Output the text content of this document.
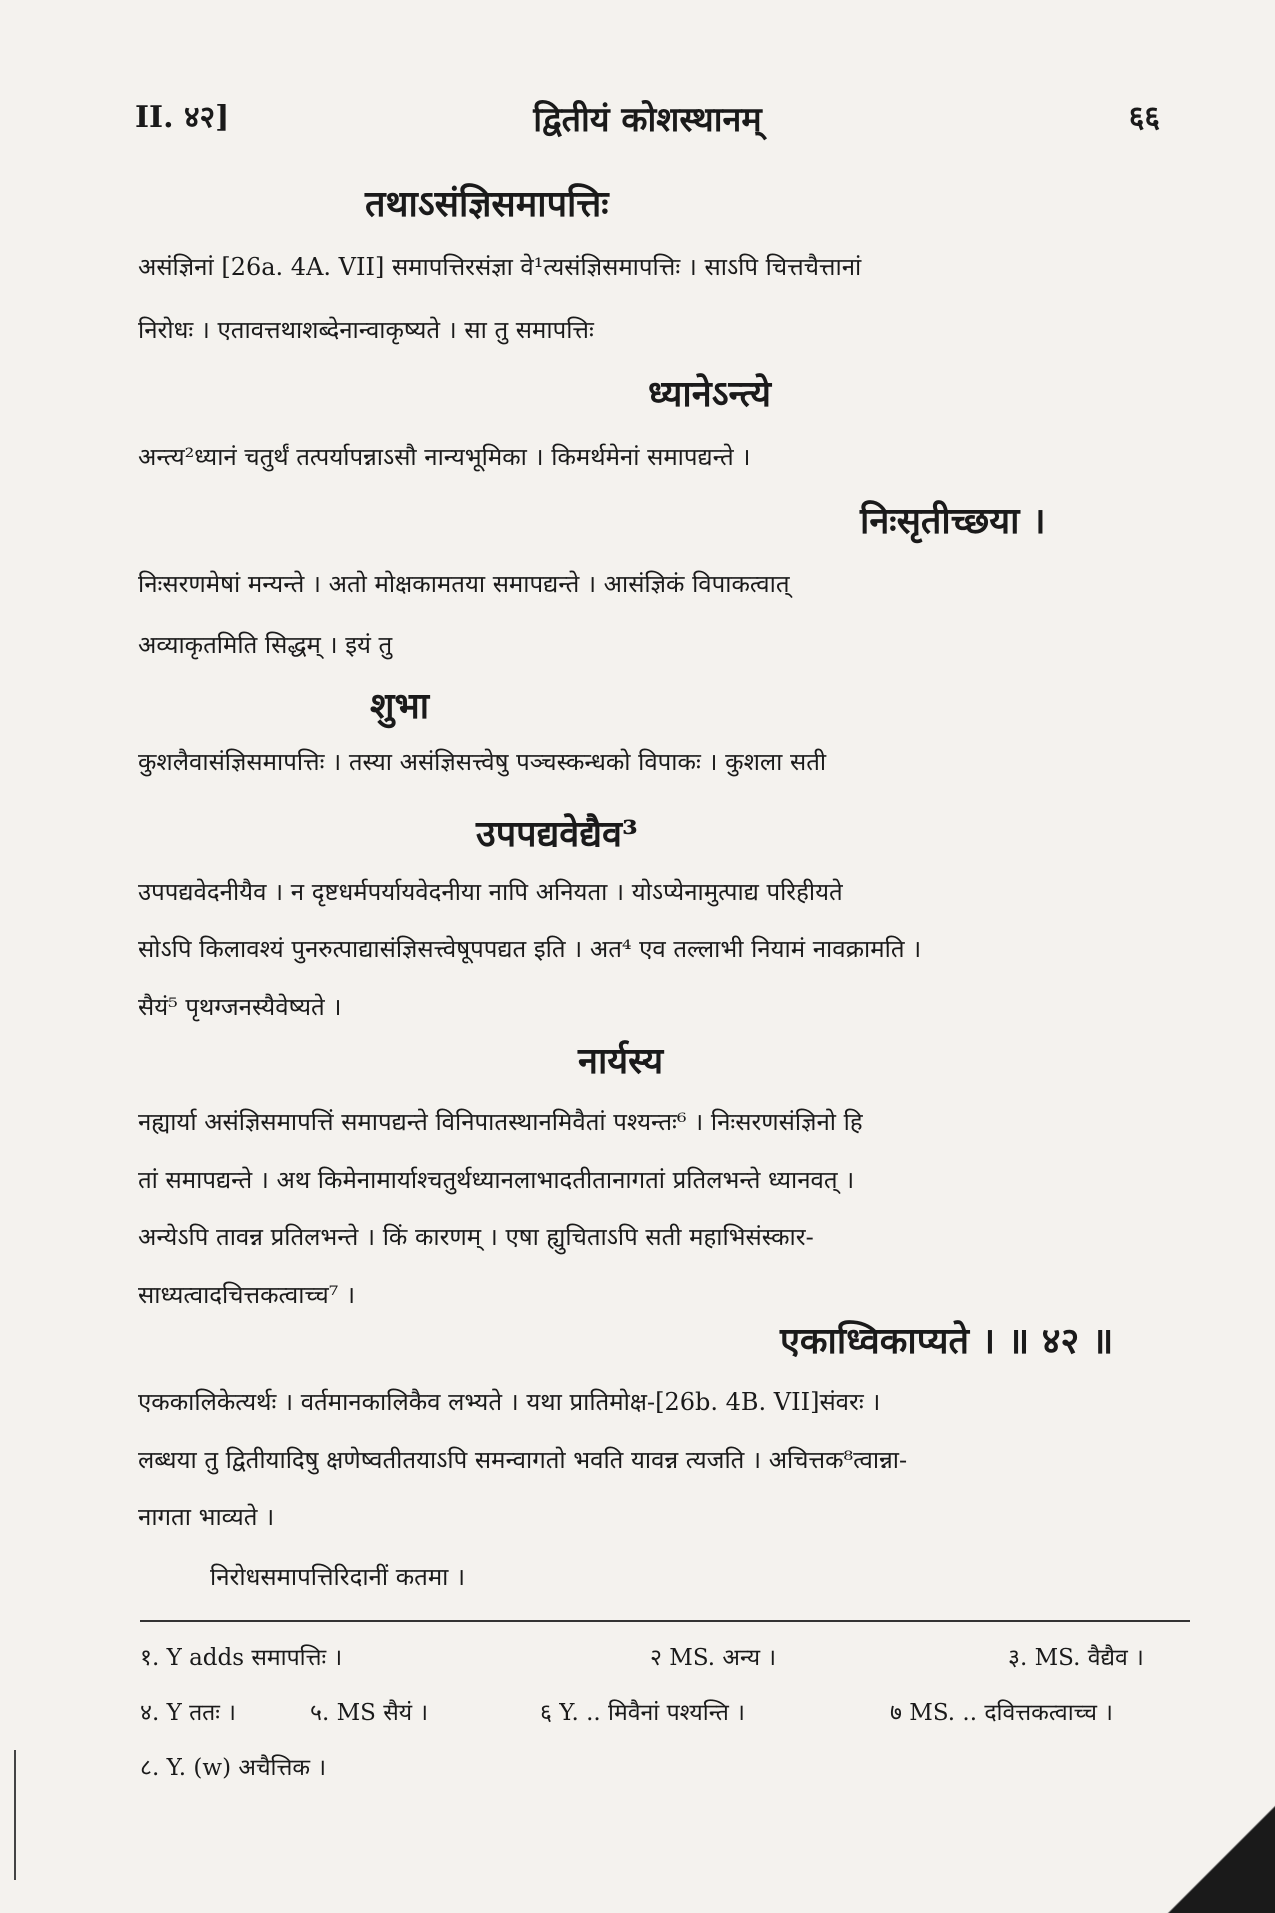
II. ४२]	द्वितीयं कोशस्थानम्	६६
तथाऽसंज्ञिसमापत्तिः
असंज्ञिनां [26a. 4A. VII] समापत्तिरसंज्ञा वे¹त्यसंज्ञिसमापत्तिः । साऽपि चित्तचैत्तानां
निरोधः । एतावत्तथाशब्देनान्वाकृष्यते । सा तु समापत्तिः
ध्यानेऽन्त्ये
अन्त्य²ध्यानं चतुर्थं तत्पर्यापन्नाऽसौ नान्यभूमिका । किमर्थमेनां समापद्यन्ते ।
निःसृतीच्छया ।
निःसरणमेषां मन्यन्ते । अतो मोक्षकामतया समापद्यन्ते । आसंज्ञिकं विपाकत्वात्
अव्याकृतमिति सिद्धम् । इयं तु
शुभा
कुशलैवासंज्ञिसमापत्तिः । तस्या असंज्ञिसत्त्वेषु पञ्चस्कन्धको विपाकः । कुशला सती
उपपद्यवेद्यैव³
उपपद्यवेदनीयैव । न दृष्टधर्मपर्यायवेदनीया नापि अनियता । योऽप्येनामुत्पाद्य परिहीयते
सोऽपि किलावश्यं पुनरुत्पाद्यासंज्ञिसत्त्वेषूपपद्यत इति । अत⁴ एव तल्लाभी नियामं नावक्रामति ।
सैयं⁵ पृथग्जनस्यैवेष्यते ।
नार्यस्य
नह्यार्या असंज्ञिसमापत्तिं समापद्यन्ते विनिपातस्थानमिवैतां पश्यन्तः⁶ । निःसरणसंज्ञिनो हि
तां समापद्यन्ते । अथ किमेनामार्याश्चतुर्थध्यानलाभादतीतानागतां प्रतिलभन्ते ध्यानवत् ।
अन्येऽपि तावन्न प्रतिलभन्ते । किं कारणम् । एषा ह्युचिताऽपि सती महाभिसंस्कार-
साध्यत्वादचित्तकत्वाच्च⁷ ।
एकाध्विकाप्यते । ॥ ४२ ॥
एककालिकेत्यर्थः । वर्तमानकालिकैव लभ्यते । यथा प्रातिमोक्ष-[26b. 4B. VII]संवरः ।
लब्धया तु द्वितीयादिषु क्षणेष्वतीतयाऽपि समन्वागतो भवति यावन्न त्यजति । अचित्तक⁸त्वान्ना-
नागता भाव्यते ।
निरोधसमापत्तिरिदानीं कतमा ।
१. Y adds समापत्तिः ।	२ MS. अन्य ।	३. MS. वैद्यैव ।
४. Y ततः ।	५. MS सैयं ।	६ Y. .. मिवैनां पश्यन्ति ।	७ MS. .. दवित्तकत्वाच्च ।
८. Y. (w) अचैत्तिक ।
